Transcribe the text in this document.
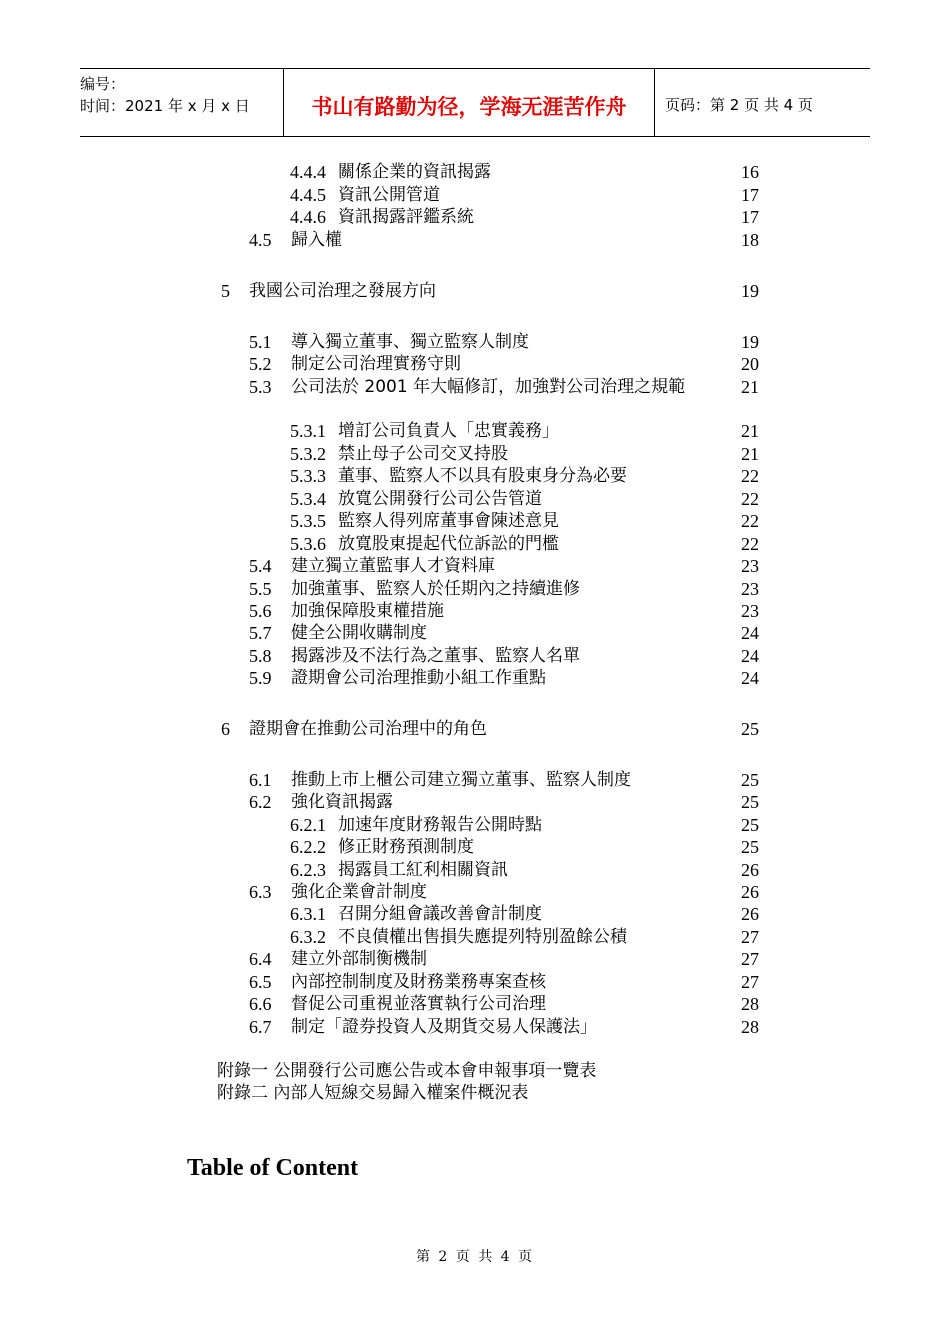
编号：
时间：2021 年 x 月 x 日	书山有路勤为径，学海无涯苦作舟	页码：第 2 页 共 4 页
4.4.4 關係企業的資訊揭露	16
4.4.5 資訊公開管道	17
4.4.6 資訊揭露評鑑系統	17
4.5 歸入權	18
5 我國公司治理之發展方向	19
5.1 導入獨立董事、獨立監察人制度	19
5.2 制定公司治理實務守則	20
5.3 公司法於 2001 年大幅修訂，加強對公司治理之規範	21
5.3.1 增訂公司負責人「忠實義務」	21
5.3.2 禁止母子公司交叉持股	21
5.3.3 董事、監察人不以具有股東身分為必要	22
5.3.4 放寬公開發行公司公告管道	22
5.3.5 監察人得列席董事會陳述意見	22
5.3.6 放寬股東提起代位訴訟的門檻	22
5.4 建立獨立董監事人才資料庫	23
5.5 加強董事、監察人於任期內之持續進修	23
5.6 加強保障股東權措施	23
5.7 健全公開收購制度	24
5.8 揭露涉及不法行為之董事、監察人名單	24
5.9 證期會公司治理推動小組工作重點	24
6 證期會在推動公司治理中的角色	25
6.1 推動上市上櫃公司建立獨立董事、監察人制度	25
6.2 強化資訊揭露	25
6.2.1 加速年度財務報告公開時點	25
6.2.2 修正財務預測制度	25
6.2.3 揭露員工紅利相關資訊	26
6.3 強化企業會計制度	26
6.3.1 召開分組會議改善會計制度	26
6.3.2 不良債權出售損失應提列特別盈餘公積	27
6.4 建立外部制衡機制	27
6.5 內部控制制度及財務業務專案查核	27
6.6 督促公司重視並落實執行公司治理	28
6.7 制定「證券投資人及期貨交易人保護法」	28
附錄一 公開發行公司應公告或本會申報事項一覽表
附錄二 內部人短線交易歸入權案件概況表
Table of Content
第 2 页 共 4 页
